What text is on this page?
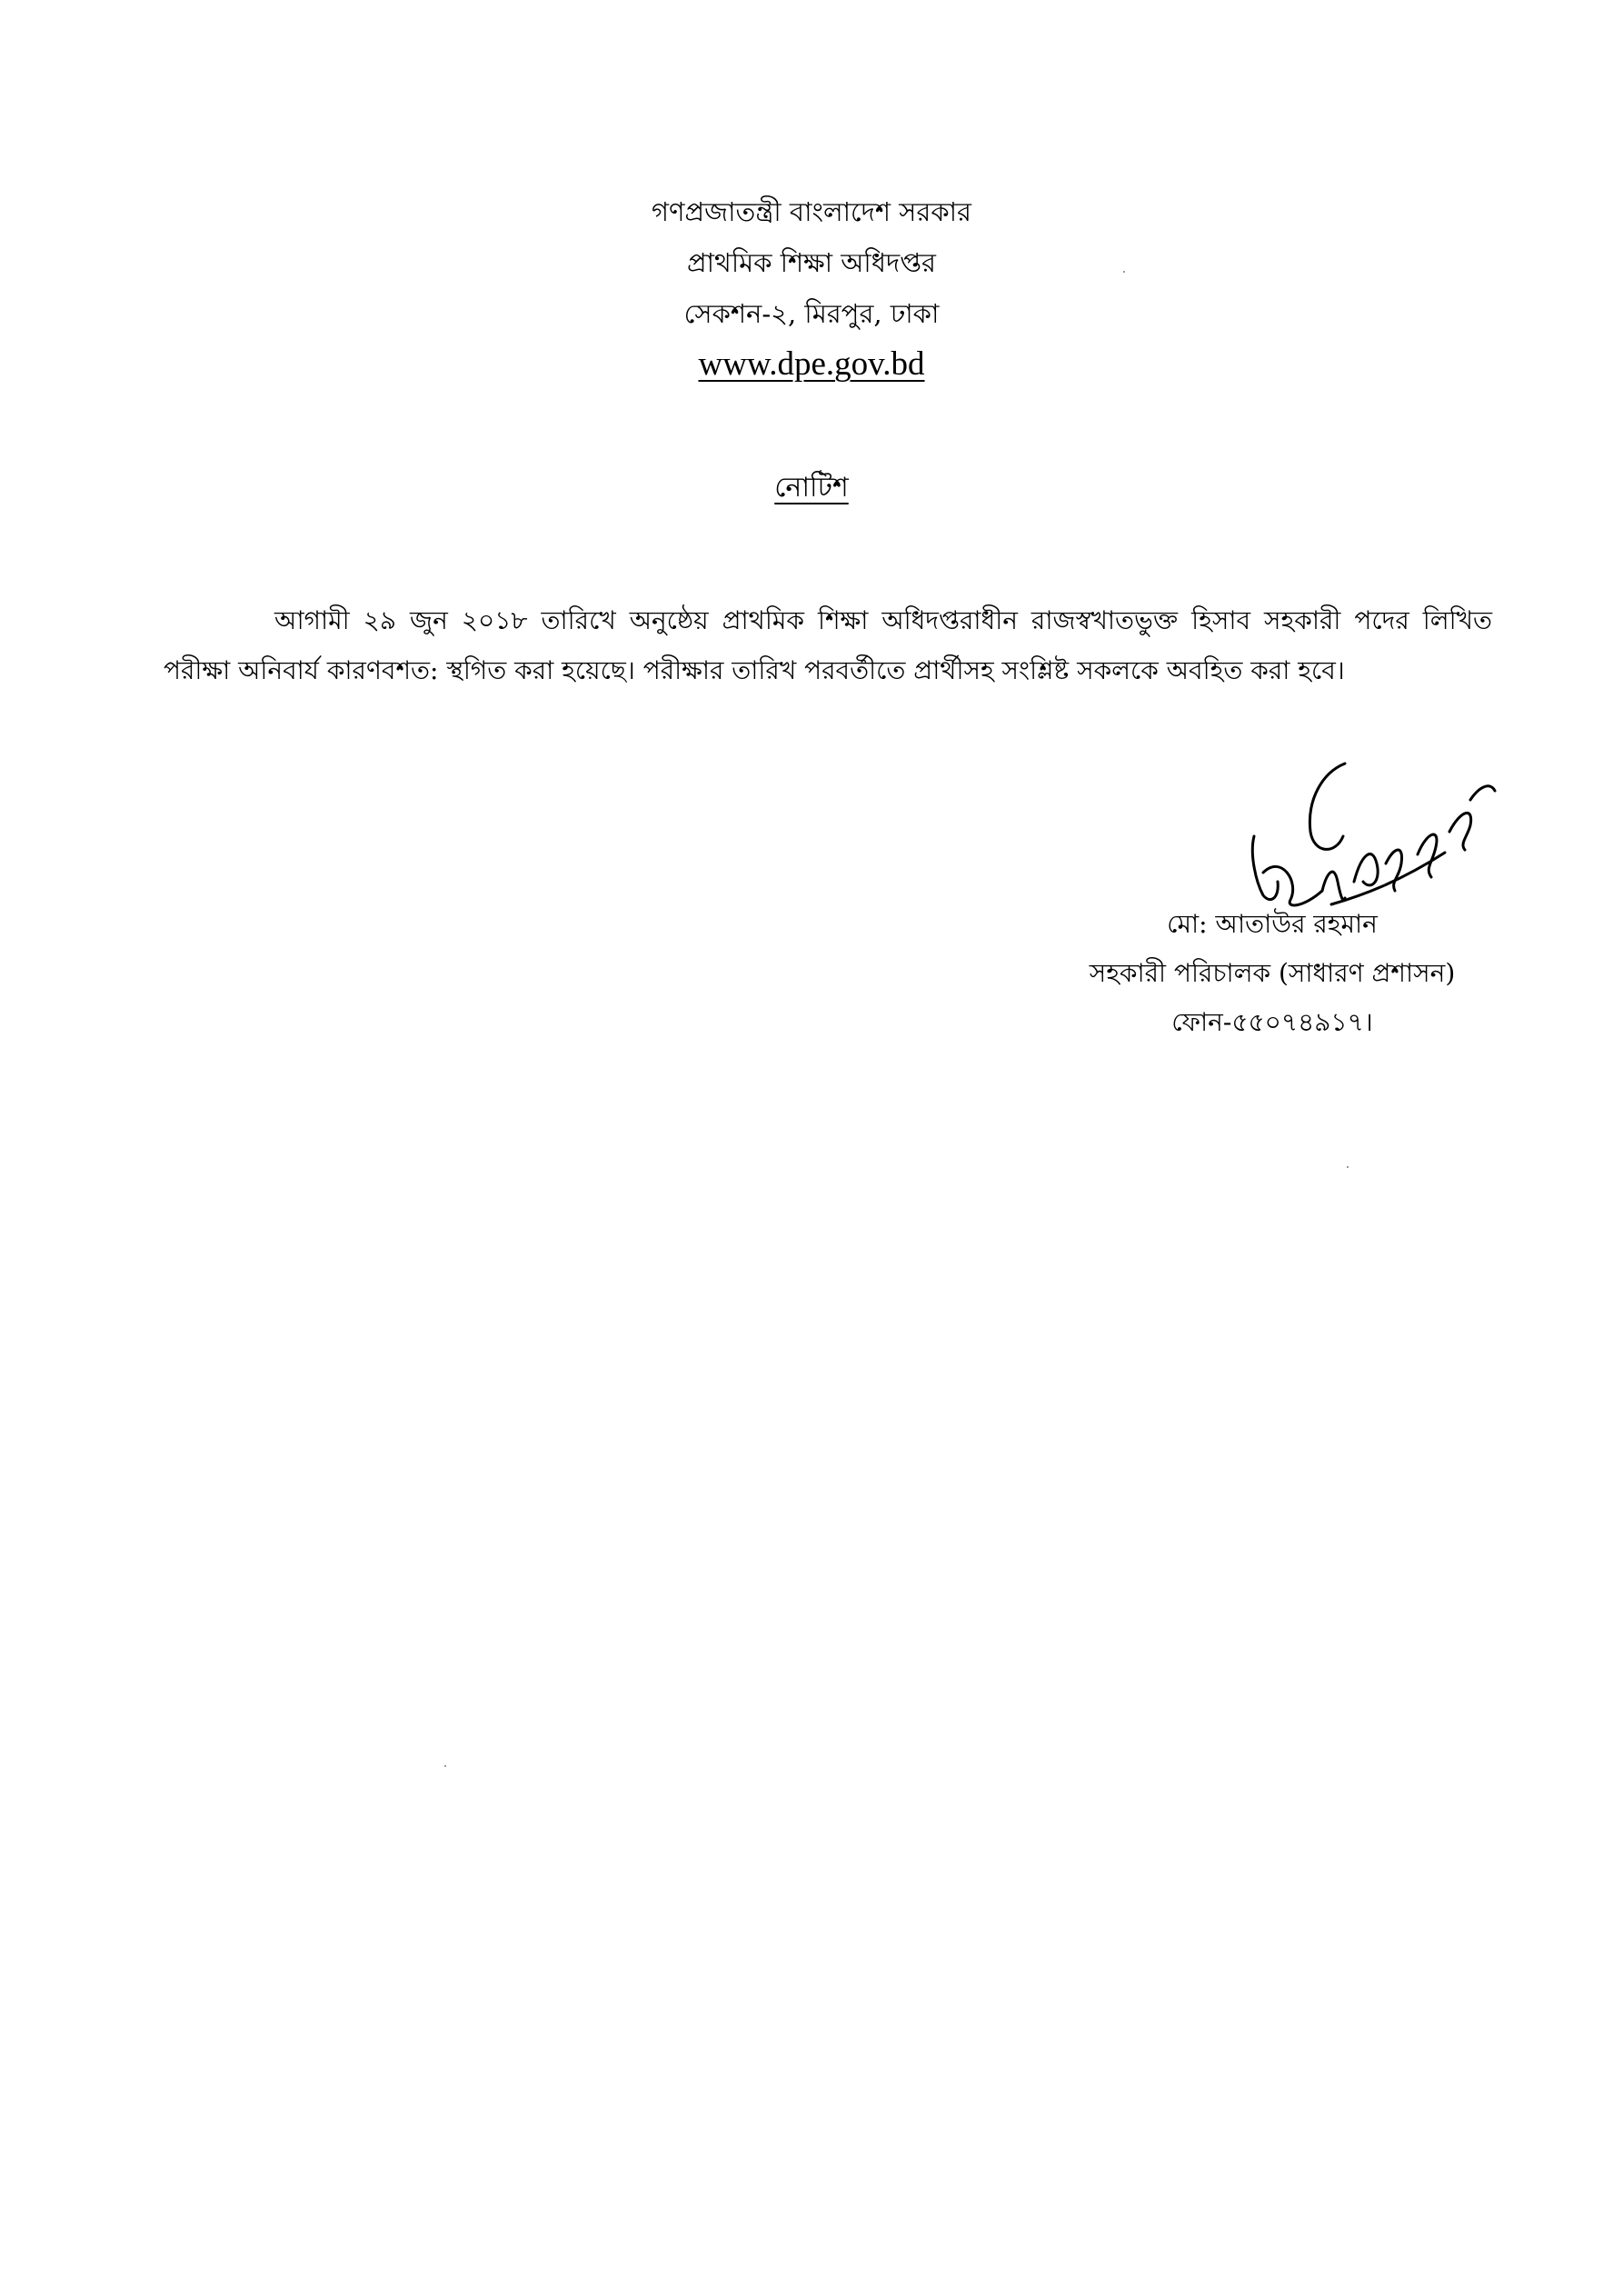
গণপ্রজাতন্ত্রী বাংলাদেশ সরকার
প্রাথমিক শিক্ষা অধিদপ্তর
সেকশন-২, মিরপুর, ঢাকা
www.dpe.gov.bd
নোটিশ
আগামী ২৯ জুন ২০১৮ তারিখে অনুষ্ঠেয় প্রাথমিক শিক্ষা অধিদপ্তরাধীন রাজস্বখাতভুক্ত হিসাব সহকারী পদের লিখিত পরীক্ষা অনিবার্য কারণবশত: স্থগিত করা হয়েছে। পরীক্ষার তারিখ পরবর্তীতে প্রার্থীসহ সংশ্লিষ্ট সকলকে অবহিত করা হবে।
মো: আতাউর রহমান
সহকারী পরিচালক (সাধারণ প্রশাসন)
ফোন-৫৫০৭৪৯১৭।
